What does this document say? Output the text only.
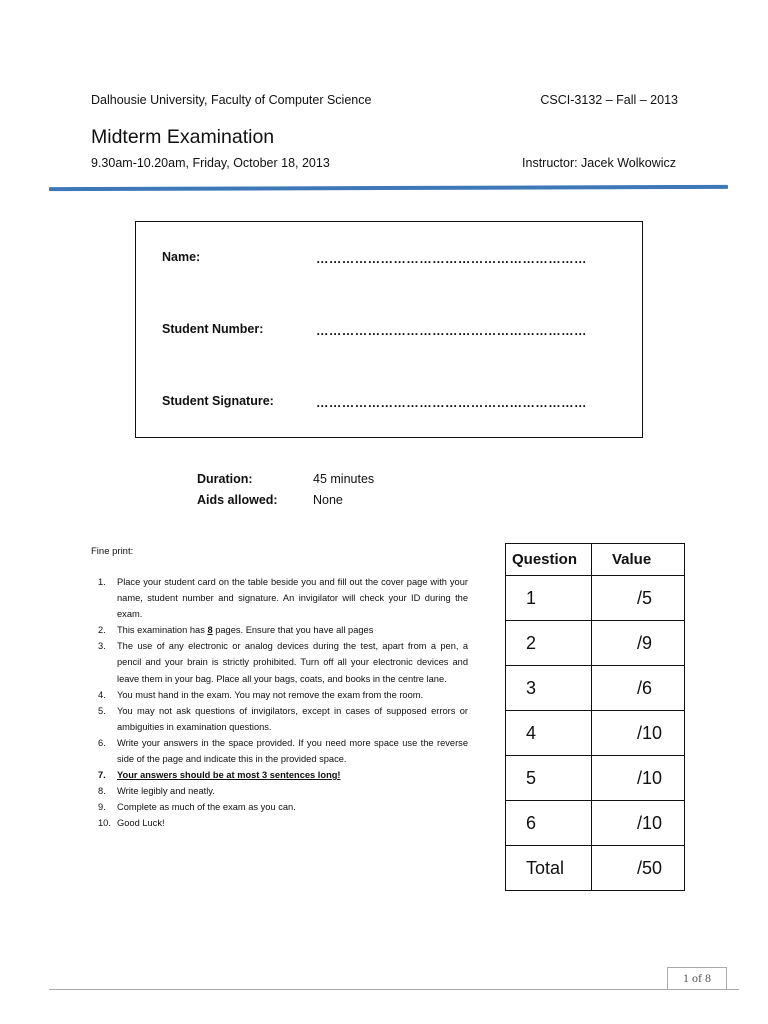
Dalhousie University, Faculty of Computer Science	CSCI-3132 – Fall – 2013
Midterm Examination
9.30am-10.20am, Friday, October 18, 2013	Instructor: Jacek Wolkowicz
Name:	………………………………………………………
Student Number:	………………………………………………………
Student Signature:	………………………………………………………
Duration:	45 minutes
Aids allowed:	None
Fine print:
1. Place your student card on the table beside you and fill out the cover page with your name, student number and signature. An invigilator will check your ID during the exam.
2. This examination has 8 pages. Ensure that you have all pages
3. The use of any electronic or analog devices during the test, apart from a pen, a pencil and your brain is strictly prohibited. Turn off all your electronic devices and leave them in your bag. Place all your bags, coats, and books in the centre lane.
4. You must hand in the exam. You may not remove the exam from the room.
5. You may not ask questions of invigilators, except in cases of supposed errors or ambiguities in examination questions.
6. Write your answers in the space provided. If you need more space use the reverse side of the page and indicate this in the provided space.
7. Your answers should be at most 3 sentences long!
8. Write legibly and neatly.
9. Complete as much of the exam as you can.
10. Good Luck!
Question	Value
1	/5
2	/9
3	/6
4	/10
5	/10
6	/10
Total	/50
1 of 8
